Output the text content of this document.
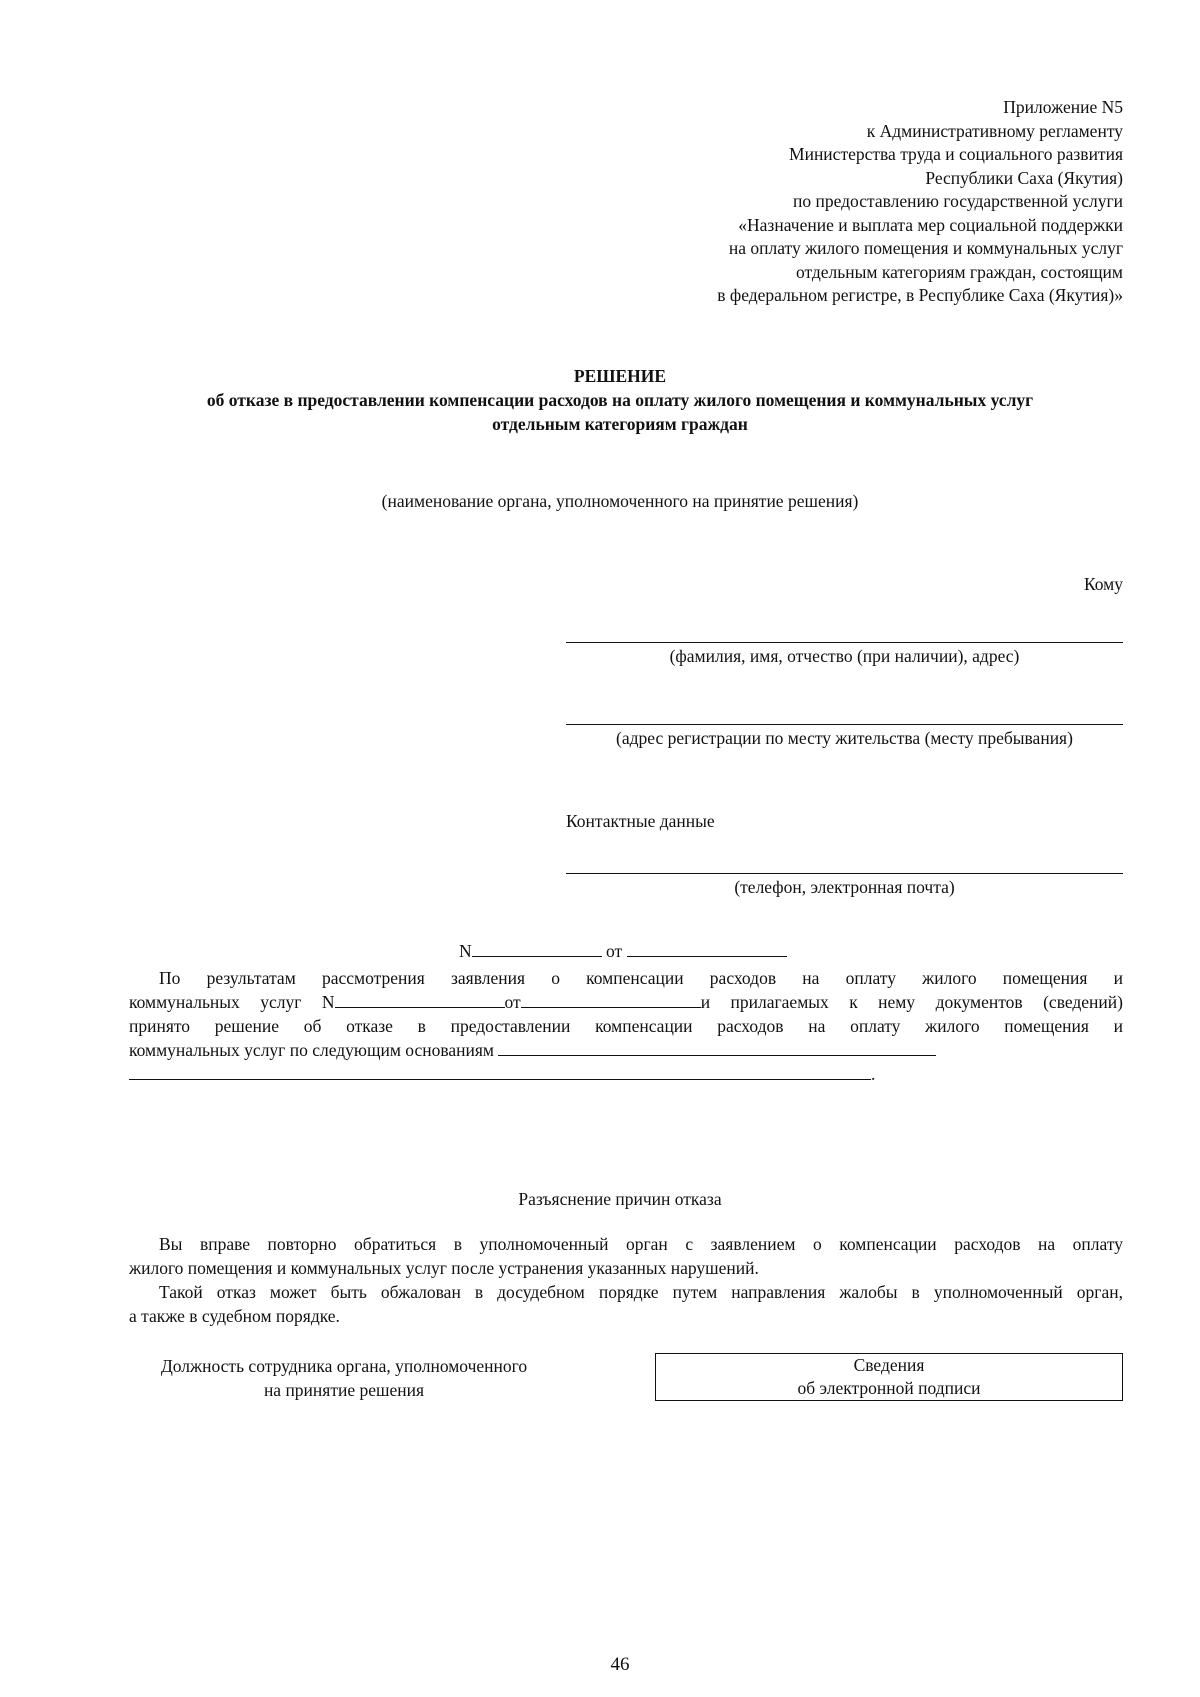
Приложение N5
к Административному регламенту
Министерства труда и социального развития
Республики Саха (Якутия)
по предоставлению государственной услуги
«Назначение и выплата мер социальной поддержки
на оплату жилого помещения и коммунальных услуг
отдельным категориям граждан, состоящим
в федеральном регистре, в Республике Саха (Якутия)»
РЕШЕНИЕ
об отказе в предоставлении компенсации расходов на оплату жилого помещения и коммунальных услуг
отдельным категориям граждан
(наименование органа, уполномоченного на принятие решения)
Кому
(фамилия, имя, отчество (при наличии), адрес)
(адрес регистрации по месту жительства (месту пребывания)
Контактные данные
(телефон, электронная почта)
N	от
По результатам рассмотрения заявления о компенсации расходов на оплату жилого помещения и
коммунальных услуг N	от	и прилагаемых к нему документов (сведений)
принято решение об отказе в предоставлении компенсации расходов на оплату жилого помещения и
коммунальных услуг по следующим основаниям
.
Разъяснение причин отказа
Вы вправе повторно обратиться в уполномоченный орган с заявлением о компенсации расходов на оплату
жилого помещения и коммунальных услуг после устранения указанных нарушений.
Такой отказ может быть обжалован в досудебном порядке путем направления жалобы в уполномоченный орган,
а также в судебном порядке.
Должность сотрудника органа, уполномоченного
на принятие решения
Сведения
об электронной подписи
46
